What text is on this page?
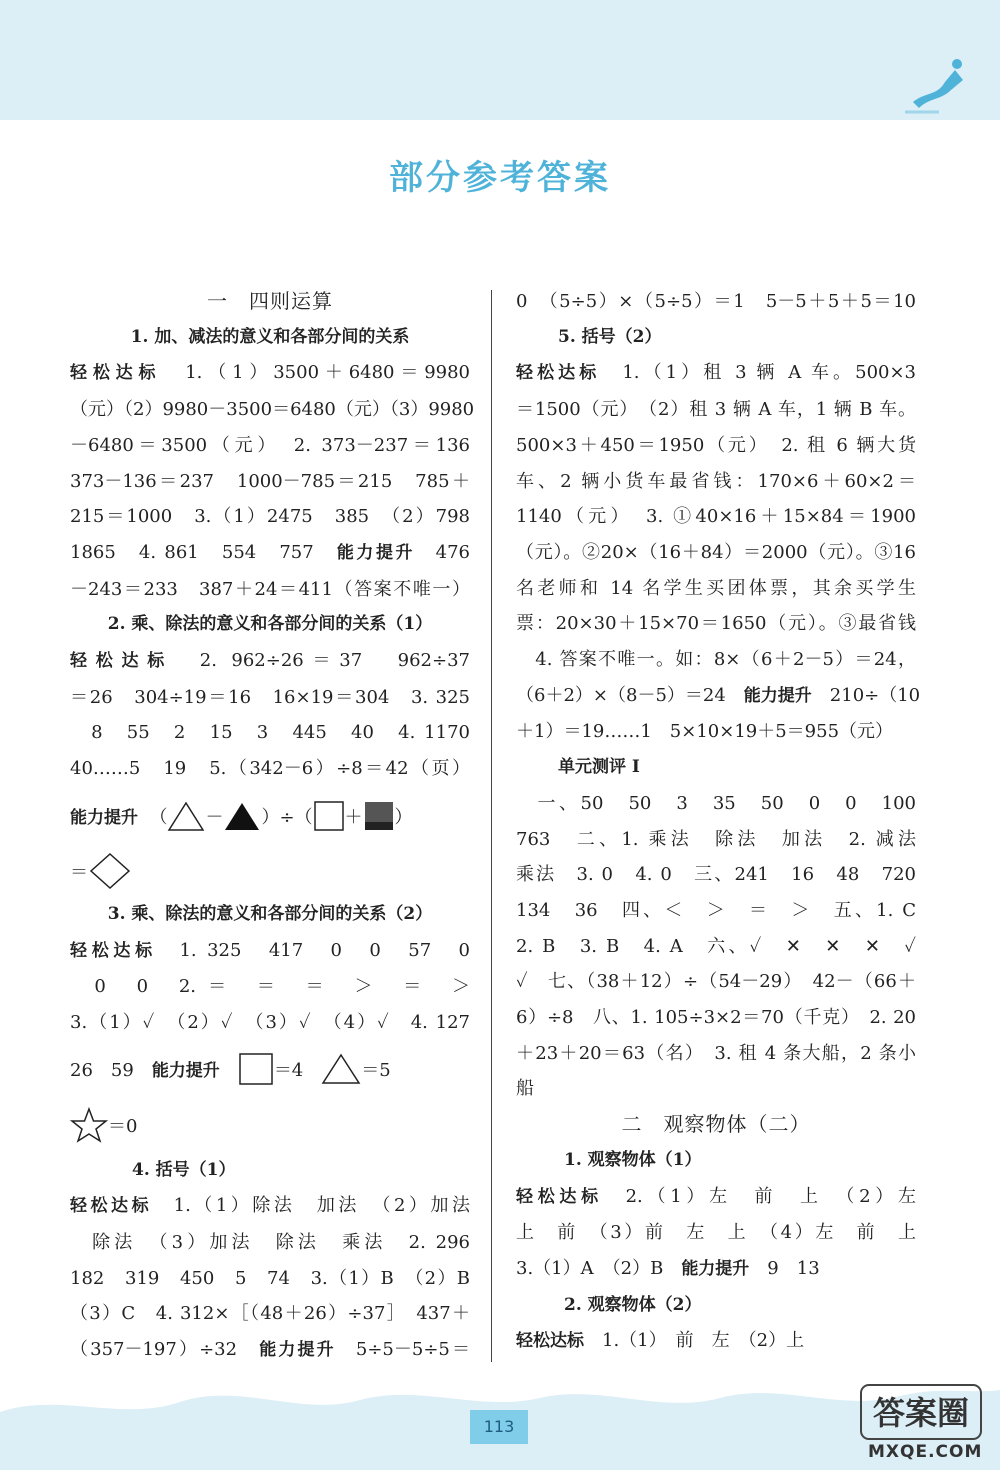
部分参考答案
一　四则运算
1. 加、减法的意义和各部分间的关系
轻松达标　1.（1）3500＋6480＝9980
（元）（2）9980－3500＝6480（元）（3）9980
－6480＝3500（元）　2. 373－237＝136
373－136＝237　1000－785＝215　785＋
215＝1000　3.（1）2475　385　（2）798
1865　4. 861　554　757　 能力提升　476
－243＝233　387＋24＝411（答案不唯一）
2. 乘、除法的意义和各部分间的关系（1）
轻松达标　2. 962÷26＝37　962÷37
＝26　304÷19＝16　16×19＝304　3. 325
　8　55　2　15　3　445　40　4. 1170
40……5　19　5.（342－6）÷8＝42（页）
能力提升
（ － ）÷（ ＋ ）
＝
3. 乘、除法的意义和各部分间的关系（2）
轻松达标　1. 325　417　0　0　57　0
　0　0　2. ＝　＝　＝　＞　＝　＞
3.（1）✓　（2）✓　（3）✓　（4）✓　4. 127
26　59　 能力提升
　	＝4
　	＝5
＝0
4. 括号（1）
轻松达标　1.（1）除法　加法　（2）加法
　除法　（3）加法　除法　乘法　2. 296
182　319　450　5　74　3.（1）B　（2）B
（3）C　4. 312×［（48＋26）÷37］　437＋
（357－197）÷32　能力提升　5÷5－5÷5＝
0　（5÷5）×（5÷5）＝1　5－5＋5＋5＝10
5. 括号（2）
轻松达标　1.（1）租 3 辆 A 车。500×3
＝1500（元）　（2）租 3 辆 A 车，1 辆 B 车。
500×3＋450＝1950（元）　2. 租 6 辆大货
车、2 辆小货车最省钱：170×6＋60×2＝
1140（元）　3. ①40×16＋15×84＝1900
（元）。②20×（16＋84）＝2000（元）。③16
名老师和 14 名学生买团体票，其余买学生
票：20×30＋15×70＝1650（元）。③最省钱
　4. 答案不唯一。如：8×（6＋2－5）＝24，
（6＋2）×（8－5）＝24　能力提升　210÷（10
＋1）＝19……1　5×10×19＋5＝955（元）
单元测评 I
　一、50　50　3　35　50　0　0　100
763　二、1. 乘法　除法　加法　2. 减法
乘法　3. 0　4. 0　三、241　16　48　720
134　36　四、＜　＞　＝　＞　五、1. C
2. B　3. B　4. A　六、✓　✕　✕　✕　✓
✓　七、（38＋12）÷（54－29）　42－（66＋
6）÷8　八、1. 105÷3×2＝70（千克）　2. 20
＋23＋20＝63（名）　3. 租 4 条大船，2 条小
船
二　观察物体（二）
1. 观察物体（1）
轻松达标　2.（1）左　前　上　（2）左
上　前　（3）前　左　上　（4）左　前　上
3.（1）A　（2）B　能力提升　9　13
2. 观察物体（2）
轻松达标　1.（1）　前　左　（2）上
113	答案圈
MXQE.COM
